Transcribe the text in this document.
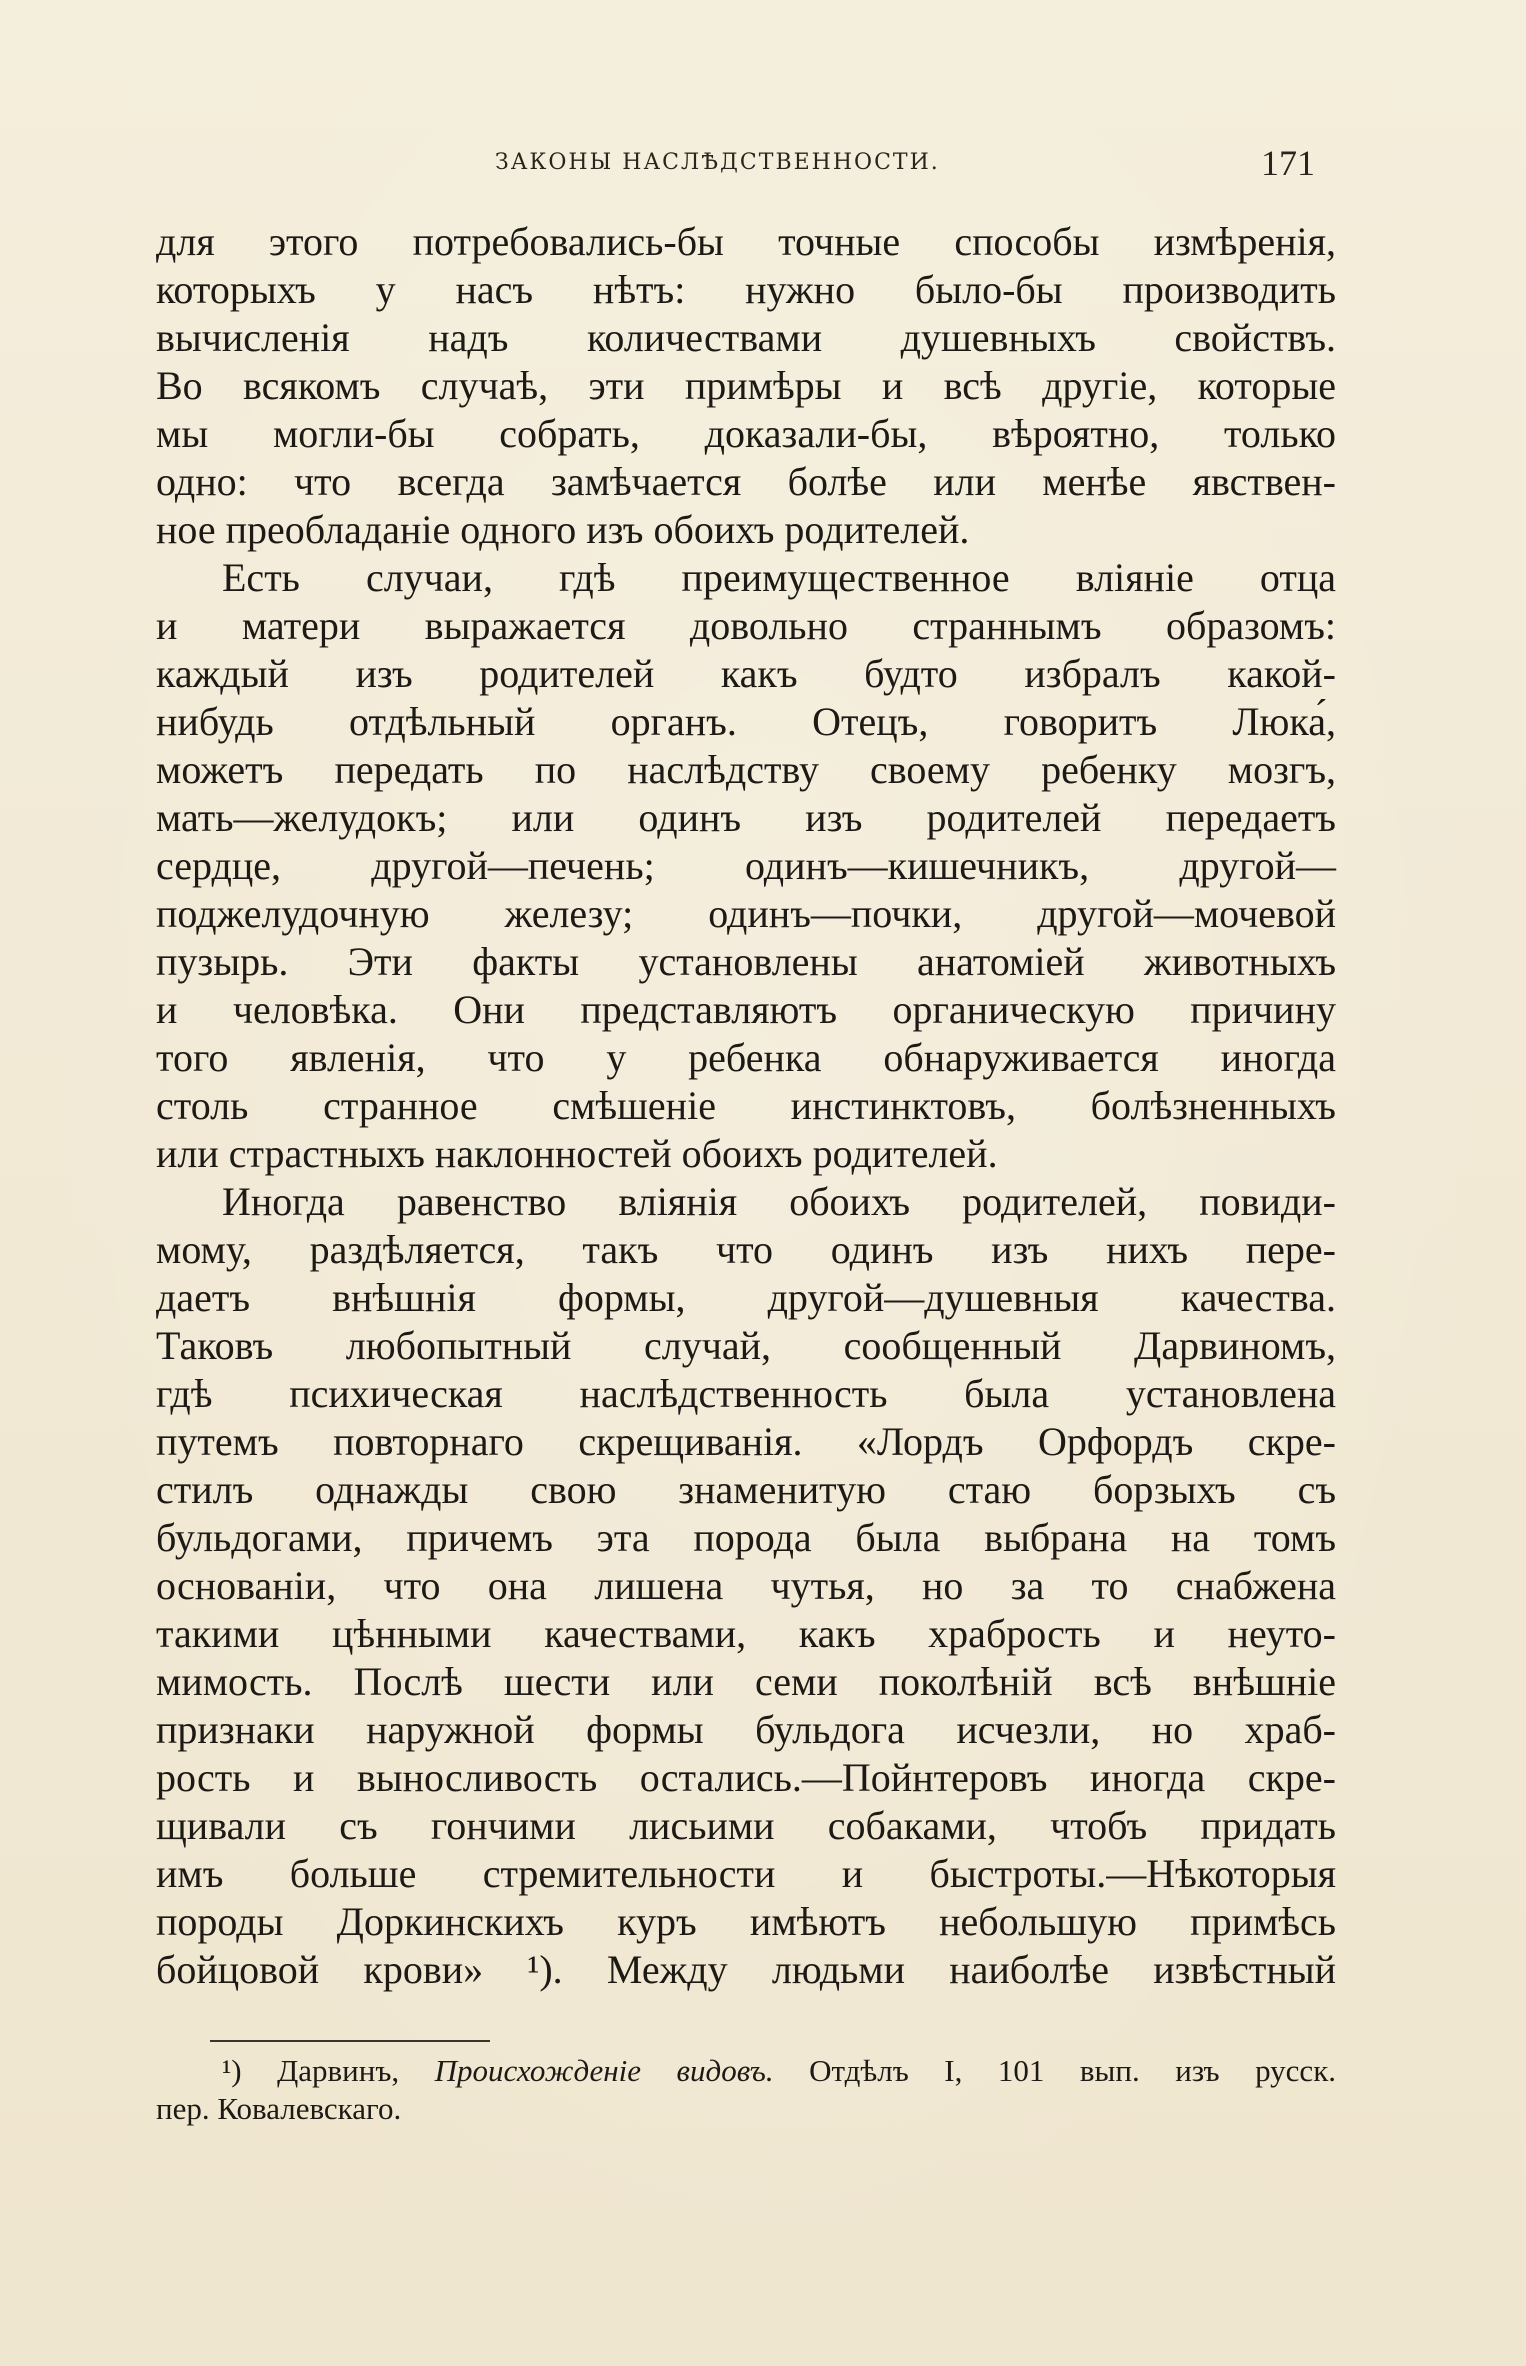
ЗАКОНЫ НАСЛѢДСТВЕННОСТИ.	171
для этого потребовались-бы точные способы измѣренія,
которыхъ у насъ нѣтъ: нужно было-бы производить
вычисленія надъ количествами душевныхъ свойствъ.
Во всякомъ случаѣ, эти примѣры и всѣ другіе, которые
мы могли-бы собрать, доказали-бы, вѣроятно, только
одно: что всегда замѣчается болѣе или менѣе явствен-
ное преобладаніе одного изъ обоихъ родителей.
Есть случаи, гдѣ преимущественное вліяніе отца
и матери выражается довольно страннымъ образомъ:
каждый изъ родителей какъ будто избралъ какой-
нибудь отдѣльный органъ. Отецъ, говоритъ Люка́,
можетъ передать по наслѣдству своему ребенку мозгъ,
мать—желудокъ; или одинъ изъ родителей передаетъ
сердце, другой—печень; одинъ—кишечникъ, другой—
поджелудочную железу; одинъ—почки, другой—мочевой
пузырь. Эти факты установлены анатоміей животныхъ
и человѣка. Они представляютъ органическую причину
того явленія, что у ребенка обнаруживается иногда
столь странное смѣшеніе инстинктовъ, болѣзненныхъ
или страстныхъ наклонностей обоихъ родителей.
Иногда равенство вліянія обоихъ родителей, повиди-
мому, раздѣляется, такъ что одинъ изъ нихъ пере-
даетъ внѣшнія формы, другой—душевныя качества.
Таковъ любопытный случай, сообщенный Дарвиномъ,
гдѣ психическая наслѣдственность была установлена
путемъ повторнаго скрещиванія. «Лордъ Орфордъ скре-
стилъ однажды свою знаменитую стаю борзыхъ съ
бульдогами, причемъ эта порода была выбрана на томъ
основаніи, что она лишена чутья, но за то снабжена
такими цѣнными качествами, какъ храбрость и неуто-
мимость. Послѣ шести или семи поколѣній всѣ внѣшніе
признаки наружной формы бульдога исчезли, но храб-
рость и выносливость остались.—Пойнтеровъ иногда скре-
щивали съ гончими лисьими собаками, чтобъ придать
имъ больше стремительности и быстроты.—Нѣкоторыя
породы Доркинскихъ куръ имѣютъ небольшую примѣсь
бойцовой крови» ¹). Между людьми наиболѣе извѣстный
¹) Дарвинъ, Происхожденіе видовъ. Отдѣлъ I, 101 вып. изъ русск.
пер. Ковалевскаго.
